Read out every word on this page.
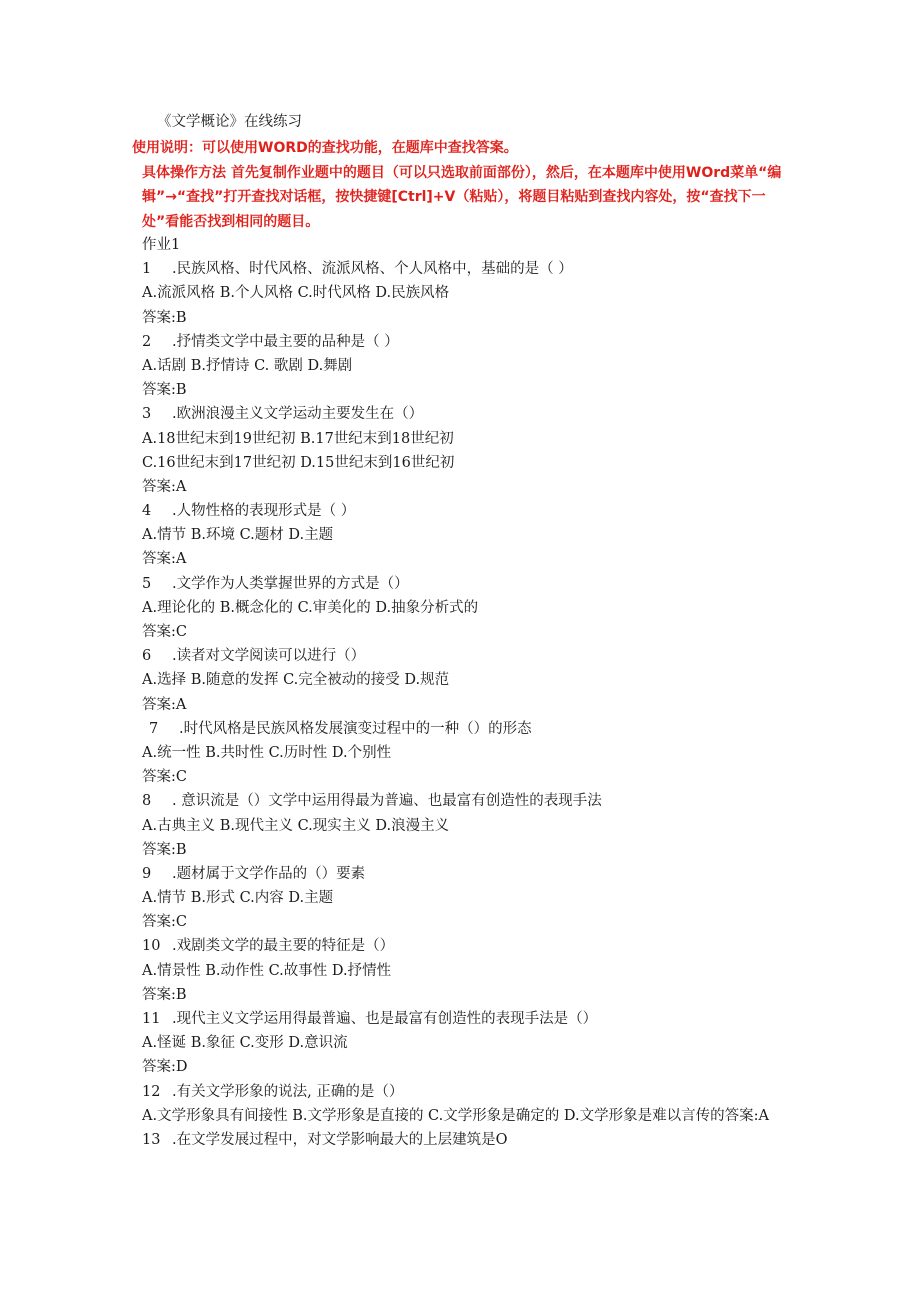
《文学概论》在线练习
使用说明：可以使用WORD的查找功能，在题库中查找答案。
具体操作方法 首先复制作业题中的题目（可以只选取前面部份），然后，在本题库中使用WOrd菜单“编辑”→“查找”打开查找对话框，按快捷键[Ctrl]+V（粘贴），将题目粘贴到查找内容处，按“查找下一处”看能否找到相同的题目。
作业1
1	.民族风格、时代风格、流派风格、个人风格中，基础的是（ ）
A.流派风格 B.个人风格 C.时代风格 D.民族风格
答案:B
2	.抒情类文学中最主要的品种是（ ）
A.话剧 B.抒情诗 C. 歌剧 D.舞剧
答案:B
3	.欧洲浪漫主义文学运动主要发生在（）
A.18世纪末到19世纪初 B.17世纪末到18世纪初
C.16世纪末到17世纪初 D.15世纪末到16世纪初
答案:A
4	.人物性格的表现形式是（ ）
A.情节 B.环境 C.题材 D.主题
答案:A
5	.文学作为人类掌握世界的方式是（）
A.理论化的 B.概念化的 C.审美化的 D.抽象分析式的
答案:C
6	.读者对文学阅读可以进行（）
A.选择 B.随意的发挥 C.完全被动的接受 D.规范
答案:A
7	.时代风格是民族风格发展演变过程中的一种（）的形态
A.统一性 B.共时性 C.历时性 D.个别性
答案:C
8	. 意识流是（）文学中运用得最为普遍、也最富有创造性的表现手法
A.古典主义 B.现代主义 C.现实主义 D.浪漫主义
答案:B
9	.题材属于文学作品的（）要素
A.情节 B.形式 C.内容 D.主题
答案:C
10 .戏剧类文学的最主要的特征是（）
A.情景性 B.动作性 C.故事性 D.抒情性
答案:B
11 .现代主义文学运用得最普遍、也是最富有创造性的表现手法是（）
A.怪诞 B.象征 C.变形 D.意识流
答案:D
12 .有关文学形象的说法, 正确的是（）
A.文学形象具有间接性 B.文学形象是直接的 C.文学形象是确定的 D.文学形象是难以言传的答案:A
13 .在文学发展过程中，对文学影响最大的上层建筑是O
